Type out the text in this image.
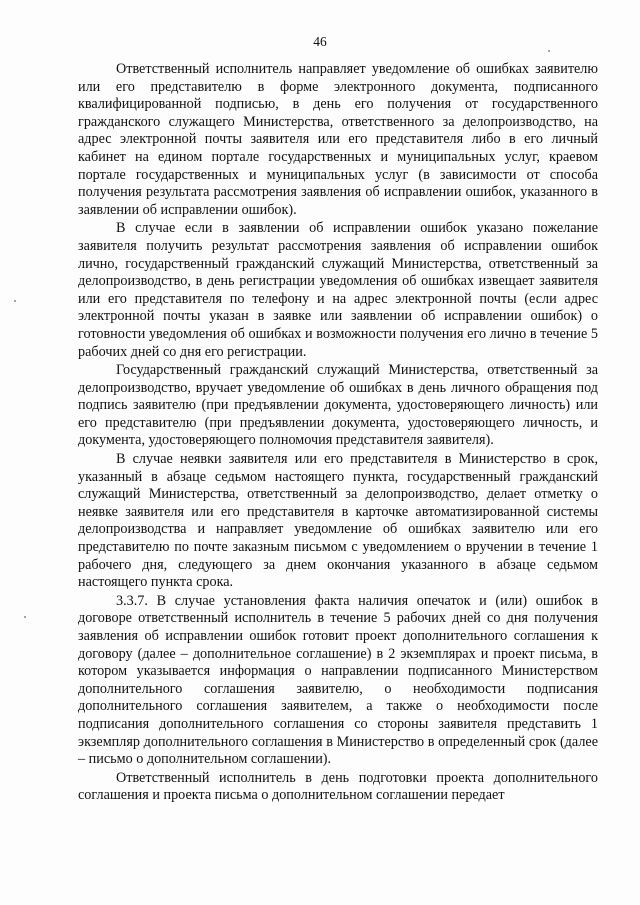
46

Ответственный исполнитель направляет уведомление об ошибках заявителю или его представителю в форме электронного документа, подписанного квалифицированной подписью, в день его получения от государственного гражданского служащего Министерства, ответственного за делопроизводство, на адрес электронной почты заявителя или его представителя либо в его личный кабинет на едином портале государственных и муниципальных услуг, краевом портале государственных и муниципальных услуг (в зависимости от способа получения результата рассмотрения заявления об исправлении ошибок, указанного в заявлении об исправлении ошибок).

В случае если в заявлении об исправлении ошибок указано пожелание заявителя получить результат рассмотрения заявления об исправлении ошибок лично, государственный гражданский служащий Министерства, ответственный за делопроизводство, в день регистрации уведомления об ошибках извещает заявителя или его представителя по телефону и на адрес электронной почты (если адрес электронной почты указан в заявке или заявлении об исправлении ошибок) о готовности уведомления об ошибках и возможности получения его лично в течение 5 рабочих дней со дня его регистрации.

Государственный гражданский служащий Министерства, ответственный за делопроизводство, вручает уведомление об ошибках в день личного обращения под подпись заявителю (при предъявлении документа, удостоверяющего личность) или его представителю (при предъявлении документа, удостоверяющего личность, и документа, удостоверяющего полномочия представителя заявителя).

В случае неявки заявителя или его представителя в Министерство в срок, указанный в абзаце седьмом настоящего пункта, государственный гражданский служащий Министерства, ответственный за делопроизводство, делает отметку о неявке заявителя или его представителя в карточке автоматизированной системы делопроизводства и направляет уведомление об ошибках заявителю или его представителю по почте заказным письмом с уведомлением о вручении в течение 1 рабочего дня, следующего за днем окончания указанного в абзаце седьмом настоящего пункта срока.

3.3.7. В случае установления факта наличия опечаток и (или) ошибок в договоре ответственный исполнитель в течение 5 рабочих дней со дня получения заявления об исправлении ошибок готовит проект дополнительного соглашения к договору (далее – дополнительное соглашение) в 2 экземплярах и проект письма, в котором указывается информация о направлении подписанного Министерством дополнительного соглашения заявителю, о необходимости подписания дополнительного соглашения заявителем, а также о необходимости после подписания дополнительного соглашения со стороны заявителя представить 1 экземпляр дополнительного соглашения в Министерство в определенный срок (далее – письмо о дополнительном соглашении).

Ответственный исполнитель в день подготовки проекта дополнительного соглашения и проекта письма о дополнительном соглашении передает
